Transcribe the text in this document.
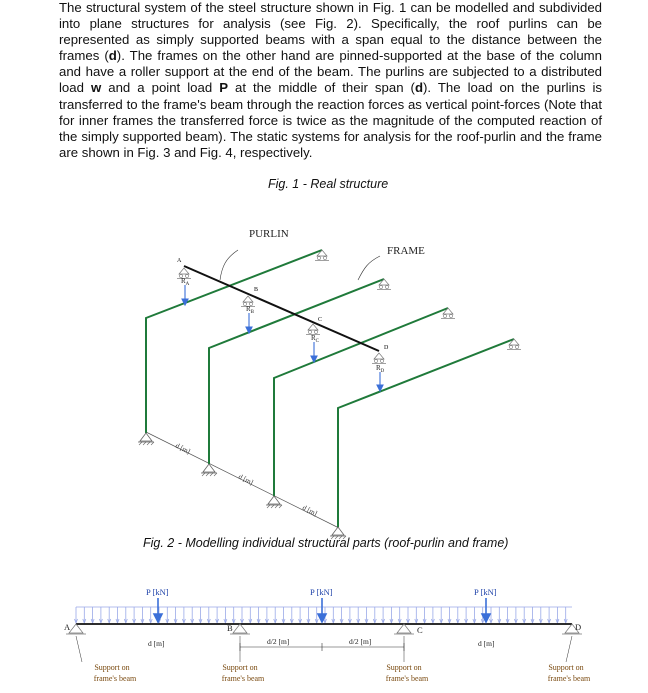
The structural system of the steel structure shown in Fig. 1 can be modelled and subdivided into plane structures for analysis (see Fig. 2). Specifically, the roof purlins can be represented as simply supported beams with a span equal to the distance between the frames (d). The frames on the other hand are pinned-supported at the base of the column and have a roller support at the end of the beam. The purlins are subjected to a distributed load w and a point load P at the middle of their span (d). The load on the purlins is transferred to the frame's beam through the reaction forces as vertical point-forces (Note that for inner frames the transferred force is twice as the magnitude of the computed reaction of the simply supported beam). The static systems for analysis for the roof-purlin and the frame are shown in Fig. 3 and Fig. 4, respectively.

Fig. 1 - Real structure
d [m]
d [m]
d [m]
PURLIN
FRAME
A
B
C
D
$R_A$
$R_B$
$R_C$
$R_D$
Fig. 2 - Modelling individual structural parts (roof-purlin and frame)
P [kN]	P [kN]	P [kN]
A	B	C	D
d [m]	d/2 [m]	d/2 [m]	d [m]
Support on
frame's beam
Support on
frame's beam
Support on
frame's beam
Support on
frame's beam
